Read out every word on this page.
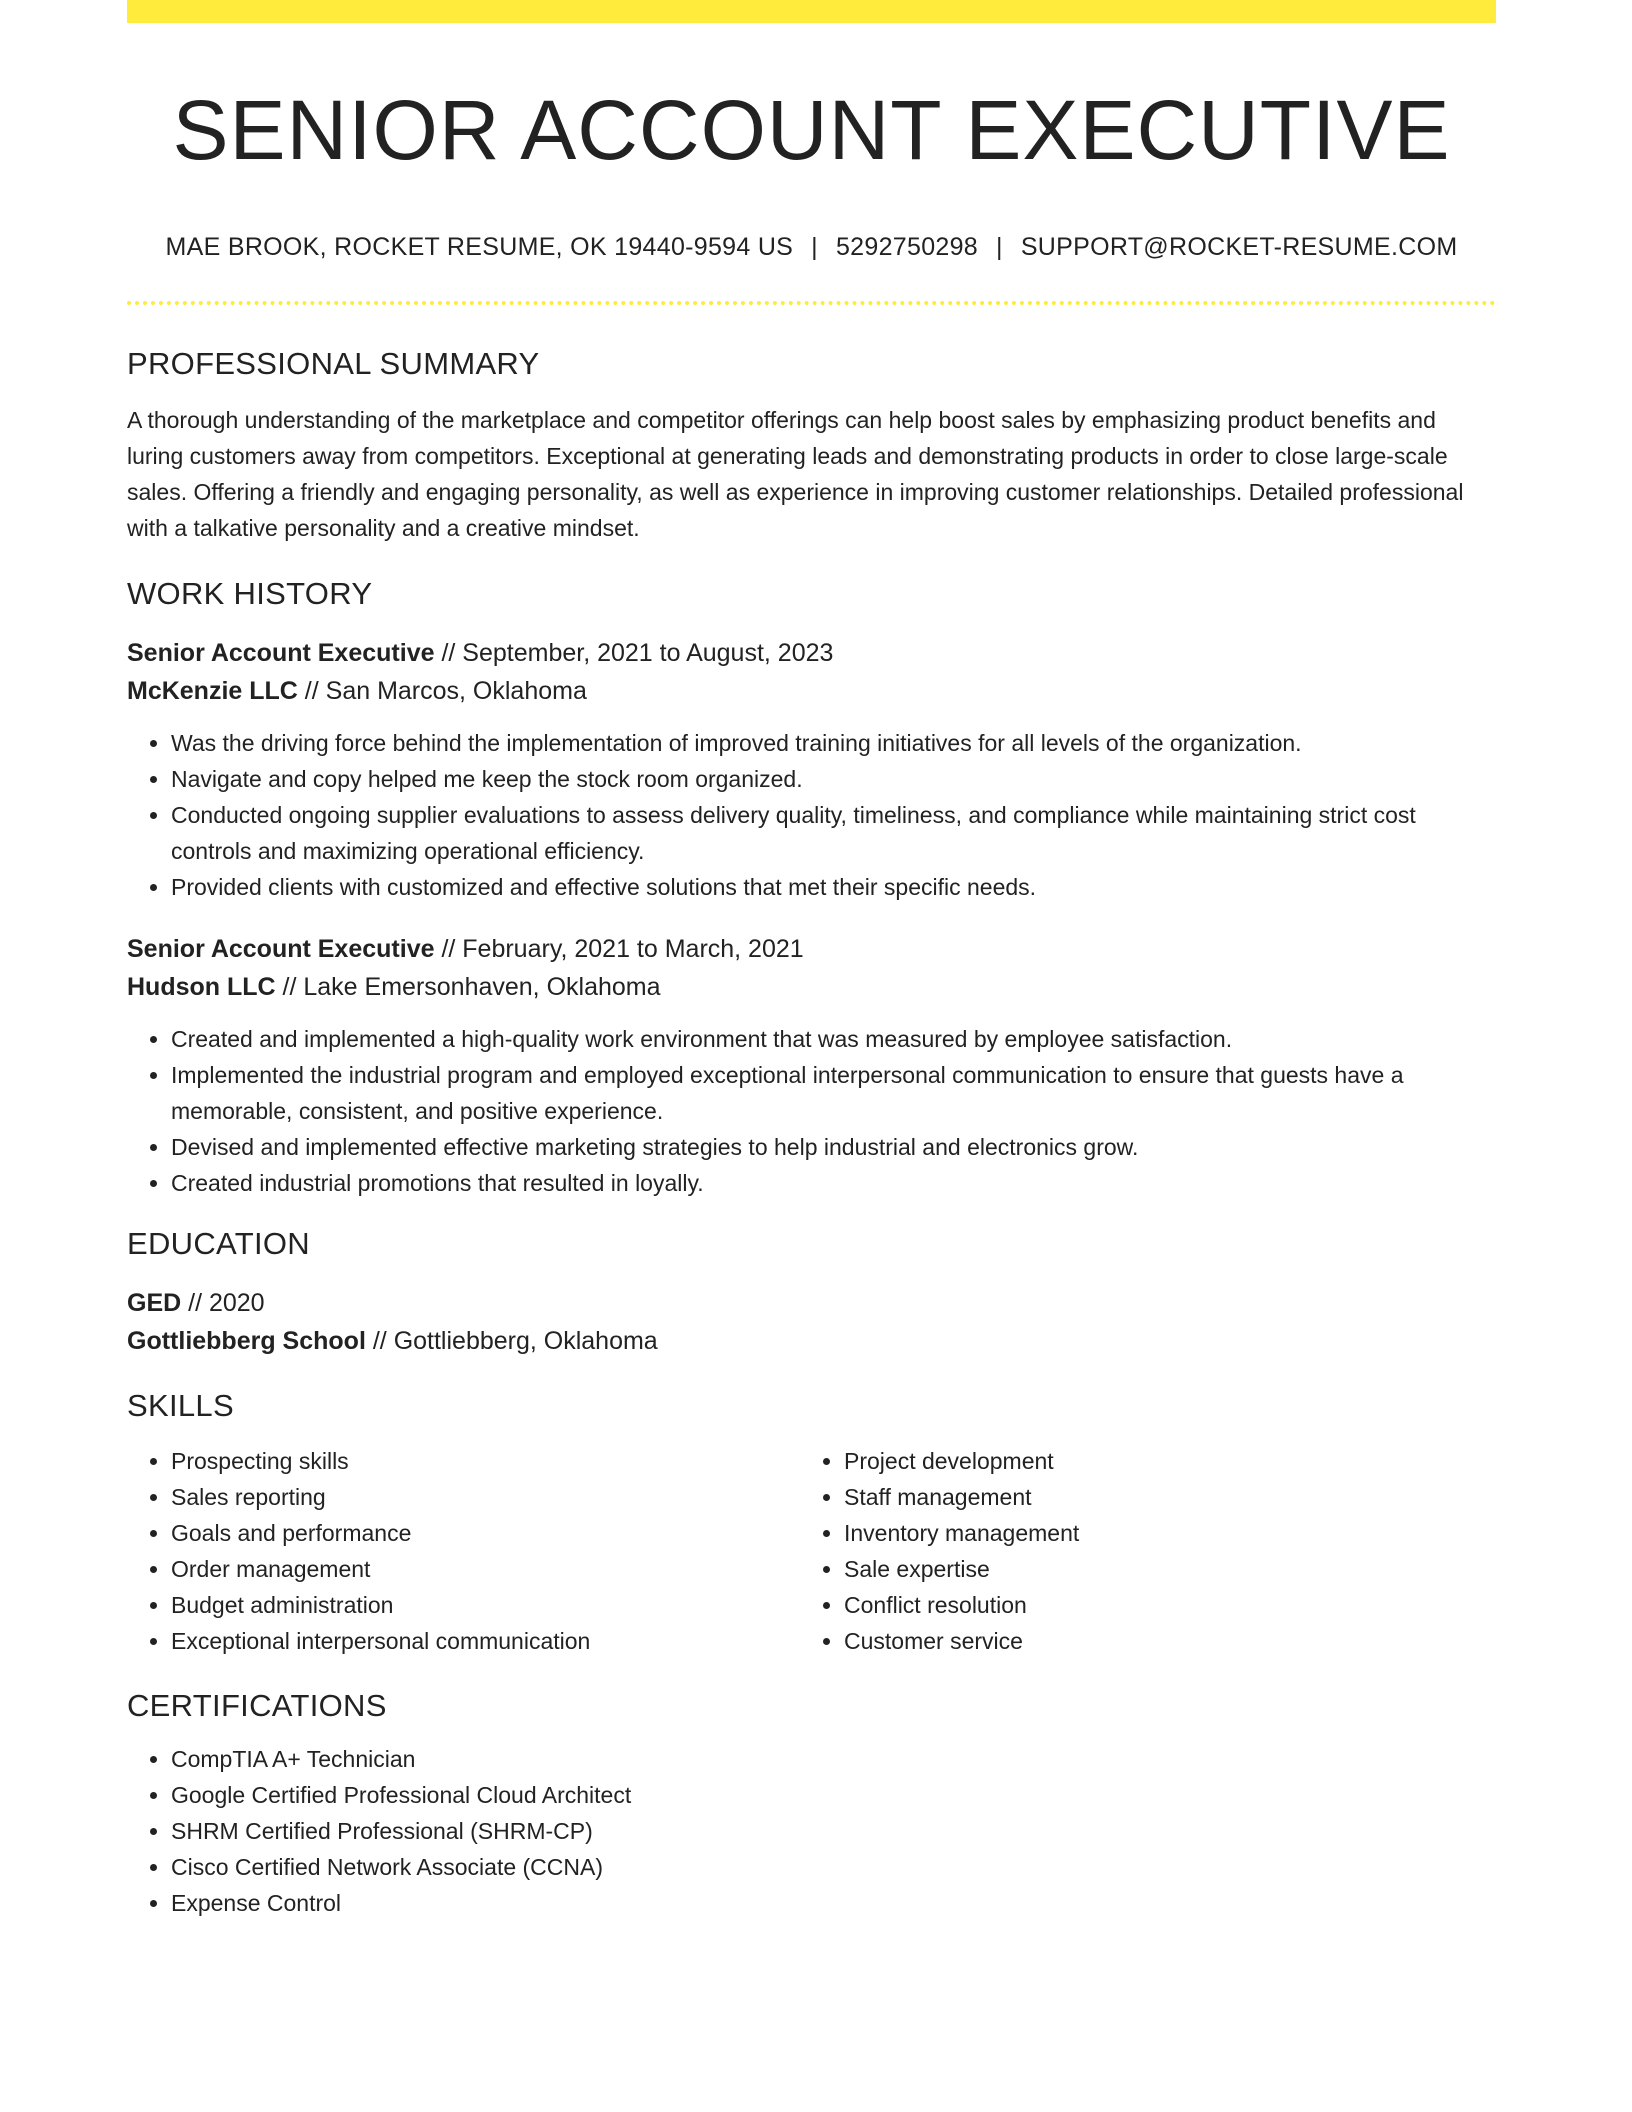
SENIOR ACCOUNT EXECUTIVE
MAE BROOK, ROCKET RESUME, OK 19440-9594 US | 5292750298 | SUPPORT@ROCKET-RESUME.COM
PROFESSIONAL SUMMARY

A thorough understanding of the marketplace and competitor offerings can help boost sales by emphasizing product benefits and luring customers away from competitors. Exceptional at generating leads and demonstrating products in order to close large-scale sales. Offering a friendly and engaging personality, as well as experience in improving customer relationships. Detailed professional with a talkative personality and a creative mindset.

WORK HISTORY
Senior Account Executive // September, 2021 to August, 2023
McKenzie LLC // San Marcos, Oklahoma
• Was the driving force behind the implementation of improved training initiatives for all levels of the organization.
• Navigate and copy helped me keep the stock room organized.
• Conducted ongoing supplier evaluations to assess delivery quality, timeliness, and compliance while maintaining strict cost controls and maximizing operational efficiency.
• Provided clients with customized and effective solutions that met their specific needs.
Senior Account Executive // February, 2021 to March, 2021
Hudson LLC // Lake Emersonhaven, Oklahoma
• Created and implemented a high-quality work environment that was measured by employee satisfaction.
• Implemented the industrial program and employed exceptional interpersonal communication to ensure that guests have a memorable, consistent, and positive experience.
• Devised and implemented effective marketing strategies to help industrial and electronics grow.
• Created industrial promotions that resulted in loyally.
EDUCATION
GED // 2020
Gottliebberg School // Gottliebberg, Oklahoma
SKILLS
• Prospecting skills
• Sales reporting
• Goals and performance
• Order management
• Budget administration
• Exceptional interpersonal communication
• Project development
• Staff management
• Inventory management
• Sale expertise
• Conflict resolution
• Customer service
CERTIFICATIONS
• CompTIA A+ Technician
• Google Certified Professional Cloud Architect
• SHRM Certified Professional (SHRM-CP)
• Cisco Certified Network Associate (CCNA)
• Expense Control
